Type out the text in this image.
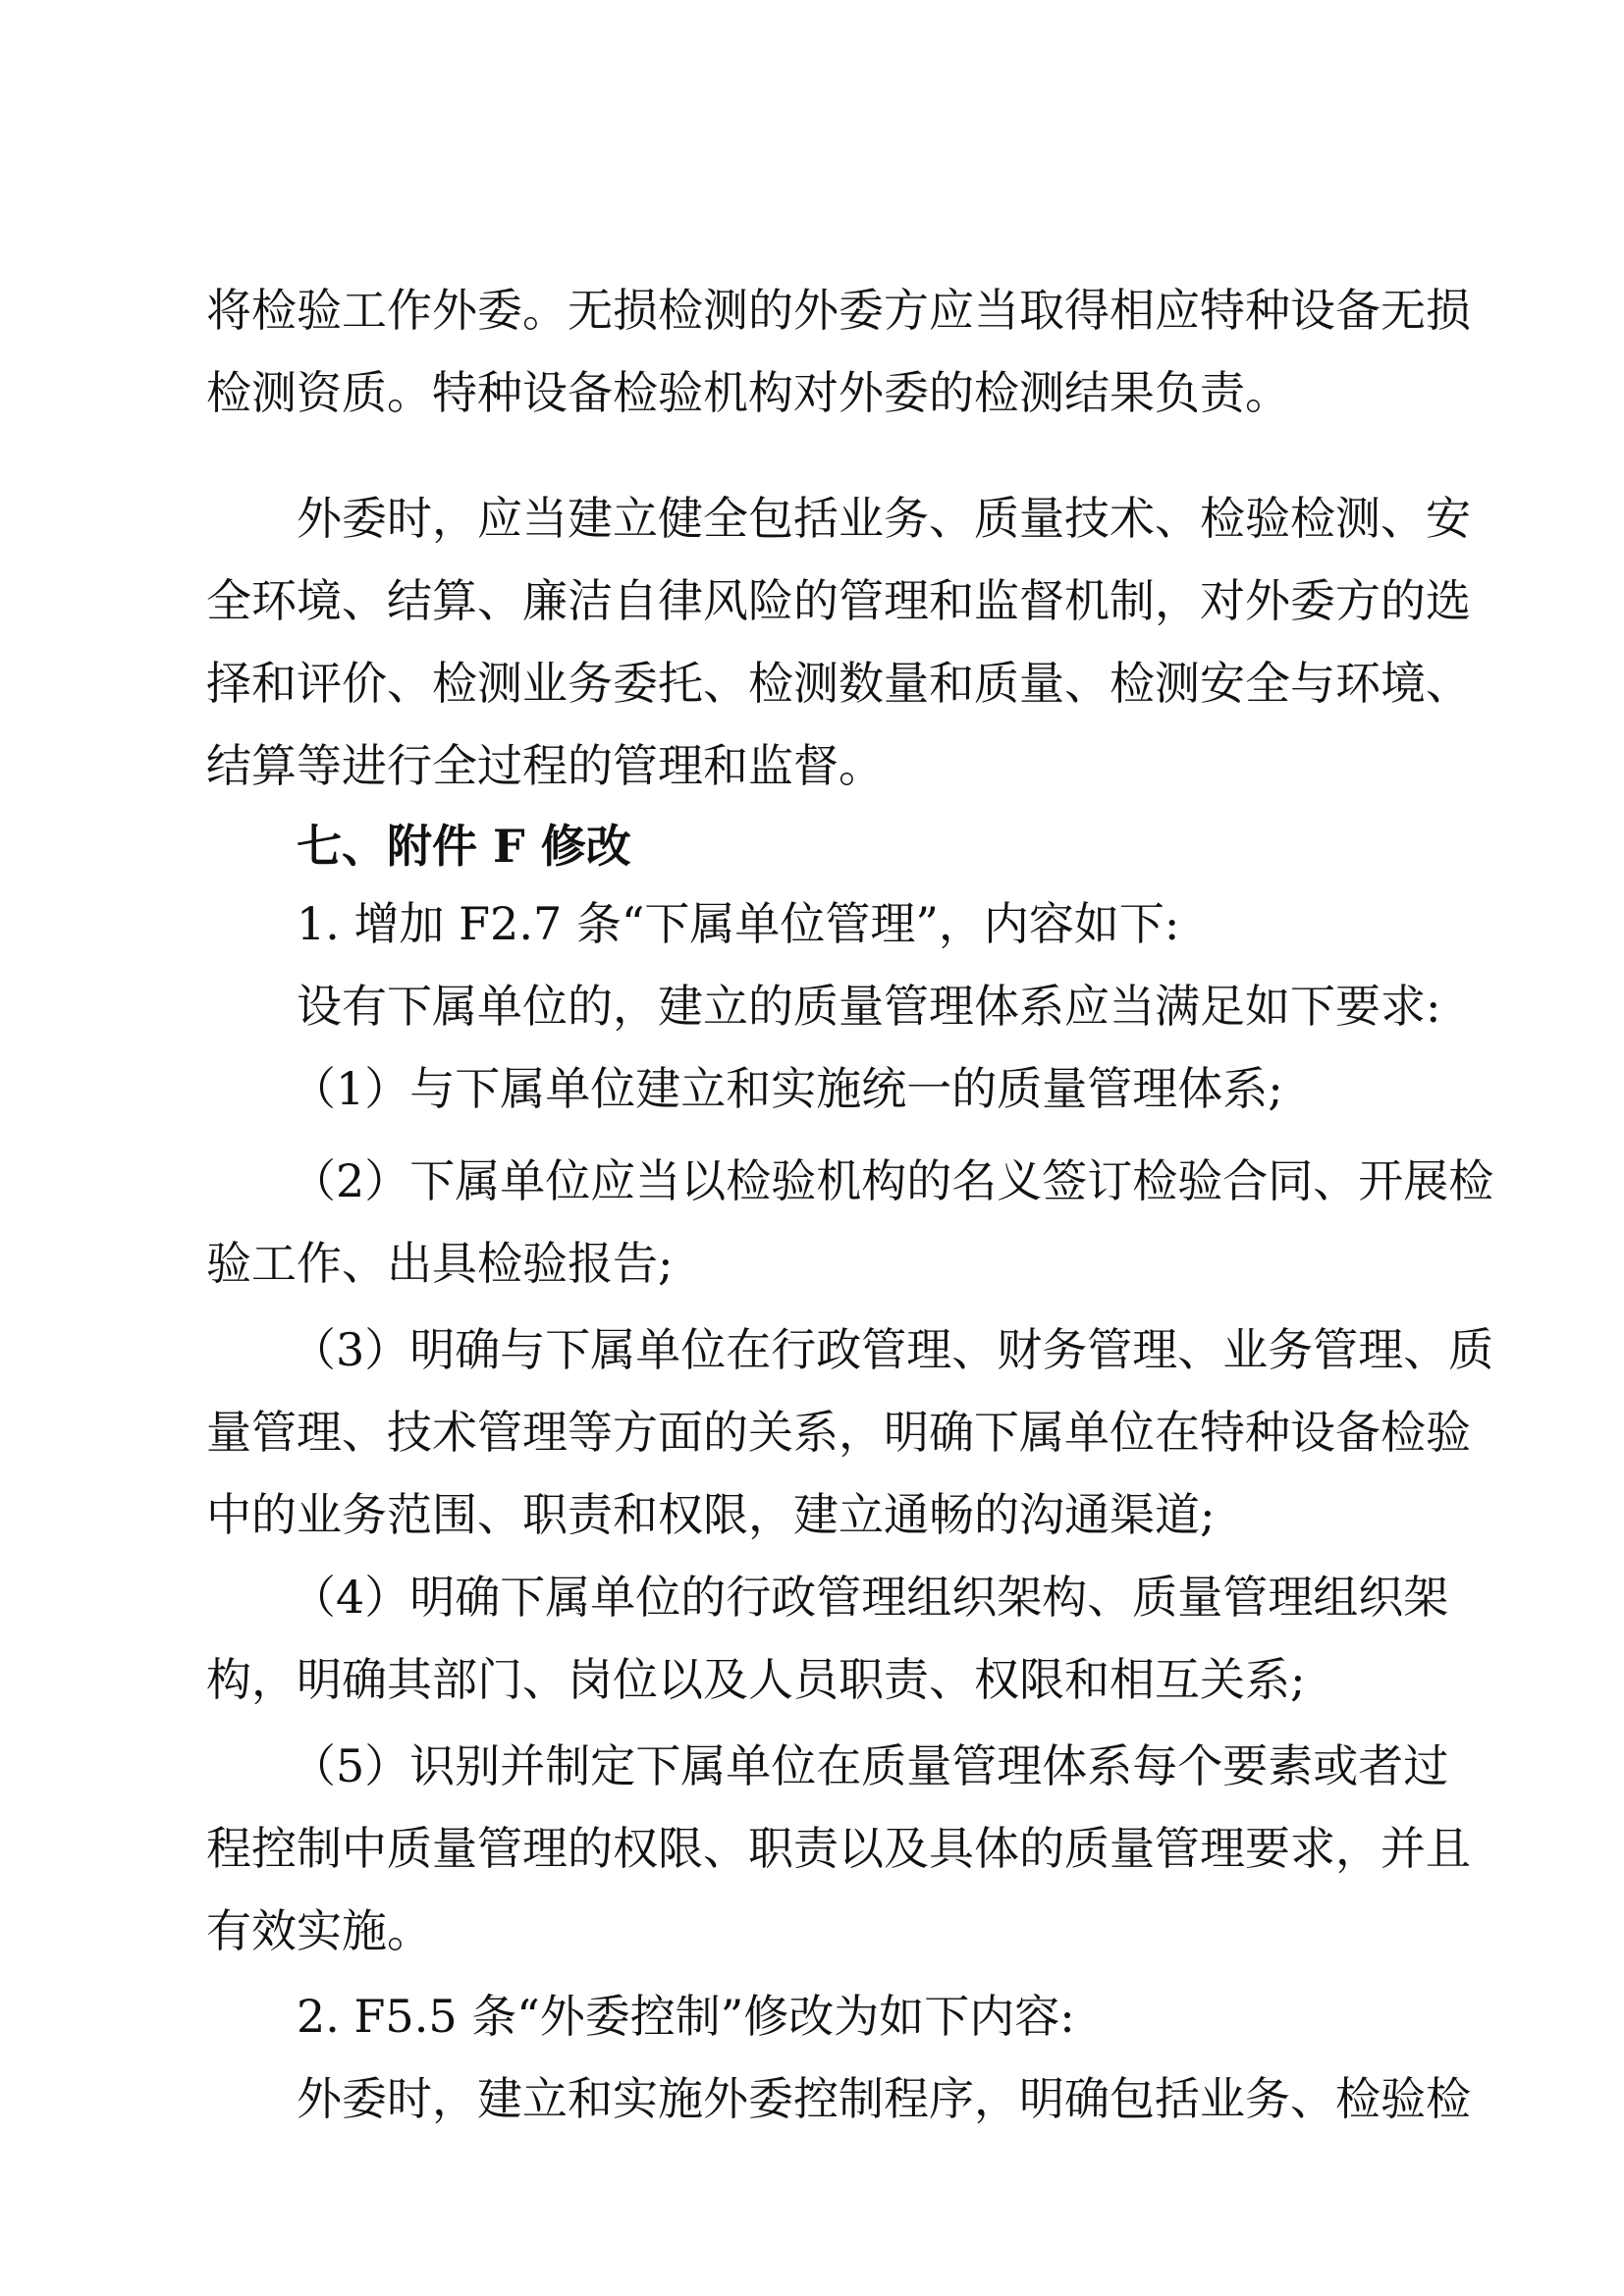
将检验工作外委。无损检测的外委方应当取得相应特种设备无损
检测资质。特种设备检验机构对外委的检测结果负责。
外委时，应当建立健全包括业务、质量技术、检验检测、安
全环境、结算、廉洁自律风险的管理和监督机制，对外委方的选
择和评价、检测业务委托、检测数量和质量、检测安全与环境、
结算等进行全过程的管理和监督。
七、附件 F 修改
1. 增加 F2.7 条“下属单位管理”，内容如下:
设有下属单位的，建立的质量管理体系应当满足如下要求:
（1）与下属单位建立和实施统一的质量管理体系;
（2）下属单位应当以检验机构的名义签订检验合同、开展检
验工作、出具检验报告;
（3）明确与下属单位在行政管理、财务管理、业务管理、质
量管理、技术管理等方面的关系，明确下属单位在特种设备检验
中的业务范围、职责和权限，建立通畅的沟通渠道;
（4）明确下属单位的行政管理组织架构、质量管理组织架
构，明确其部门、岗位以及人员职责、权限和相互关系;
（5）识别并制定下属单位在质量管理体系每个要素或者过
程控制中质量管理的权限、职责以及具体的质量管理要求，并且
有效实施。
2. F5.5 条“外委控制”修改为如下内容:
外委时，建立和实施外委控制程序，明确包括业务、检验检
